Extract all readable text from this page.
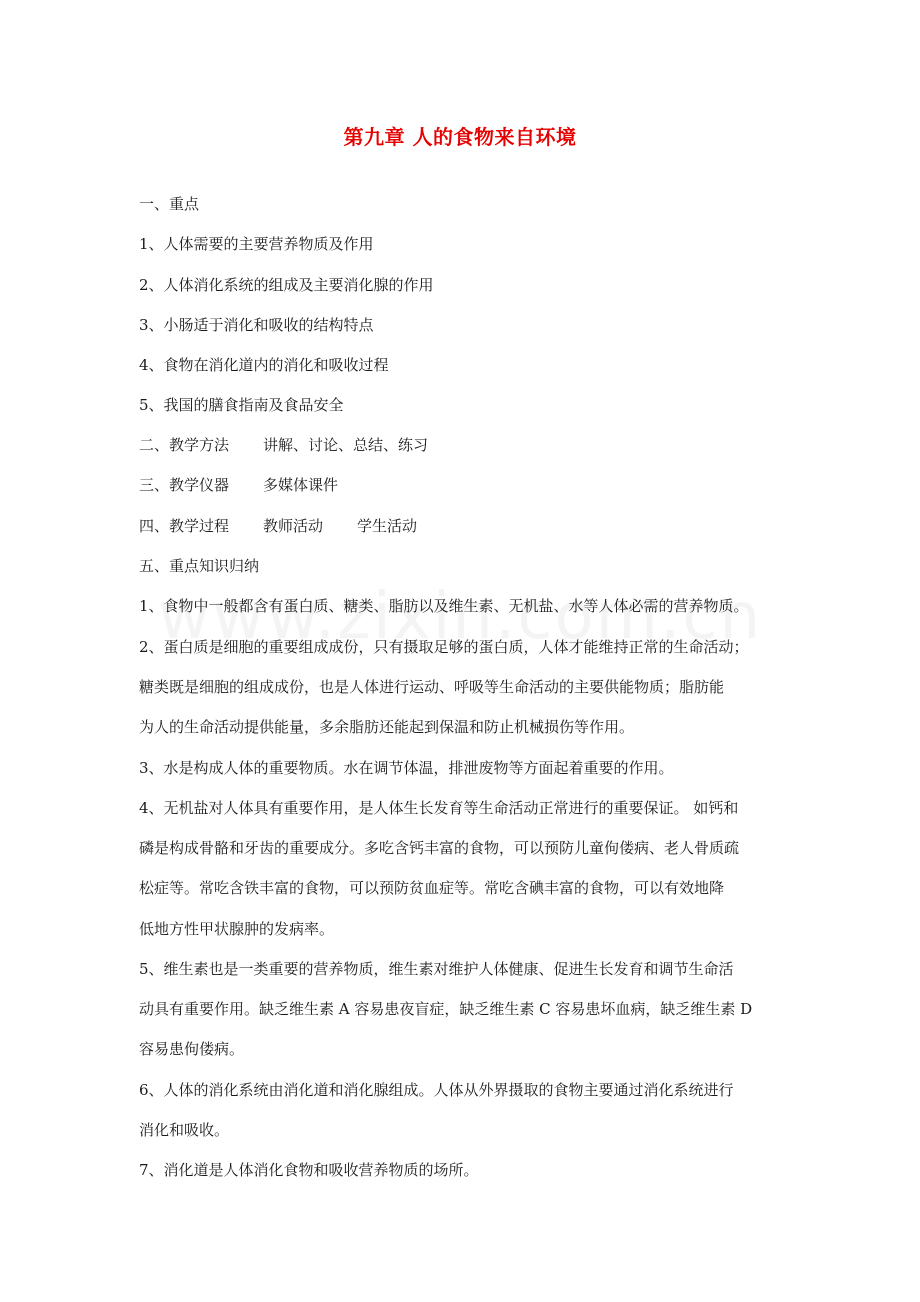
第九章 人的食物来自环境
一、重点
1、人体需要的主要营养物质及作用
2、人体消化系统的组成及主要消化腺的作用
3、小肠适于消化和吸收的结构特点
4、食物在消化道内的消化和吸收过程
5、我国的膳食指南及食品安全
二、教学方法 讲解、讨论、总结、练习
三、教学仪器 多媒体课件
四、教学过程 教师活动 学生活动
五、重点知识归纳
1、食物中一般都含有蛋白质、糖类、脂肪以及维生素、无机盐、水等人体必需的营养物质。
2、蛋白质是细胞的重要组成成份，只有摄取足够的蛋白质，人体才能维持正常的生命活动；
糖类既是细胞的组成成份，也是人体进行运动、呼吸等生命活动的主要供能物质；脂肪能
为人的生命活动提供能量，多余脂肪还能起到保温和防止机械损伤等作用。
3、水是构成人体的重要物质。水在调节体温，排泄废物等方面起着重要的作用。
4、无机盐对人体具有重要作用，是人体生长发育等生命活动正常进行的重要保证。 如钙和
磷是构成骨骼和牙齿的重要成分。多吃含钙丰富的食物，可以预防儿童佝偻病、老人骨质疏
松症等。常吃含铁丰富的食物，可以预防贫血症等。常吃含碘丰富的食物，可以有效地降
低地方性甲状腺肿的发病率。
5、维生素也是一类重要的营养物质，维生素对维护人体健康、促进生长发育和调节生命活
动具有重要作用。缺乏维生素 A 容易患夜盲症，缺乏维生素 C 容易患坏血病，缺乏维生素 D
容易患佝偻病。
6、人体的消化系统由消化道和消化腺组成。人体从外界摄取的食物主要通过消化系统进行
消化和吸收。
7、消化道是人体消化食物和吸收营养物质的场所。
